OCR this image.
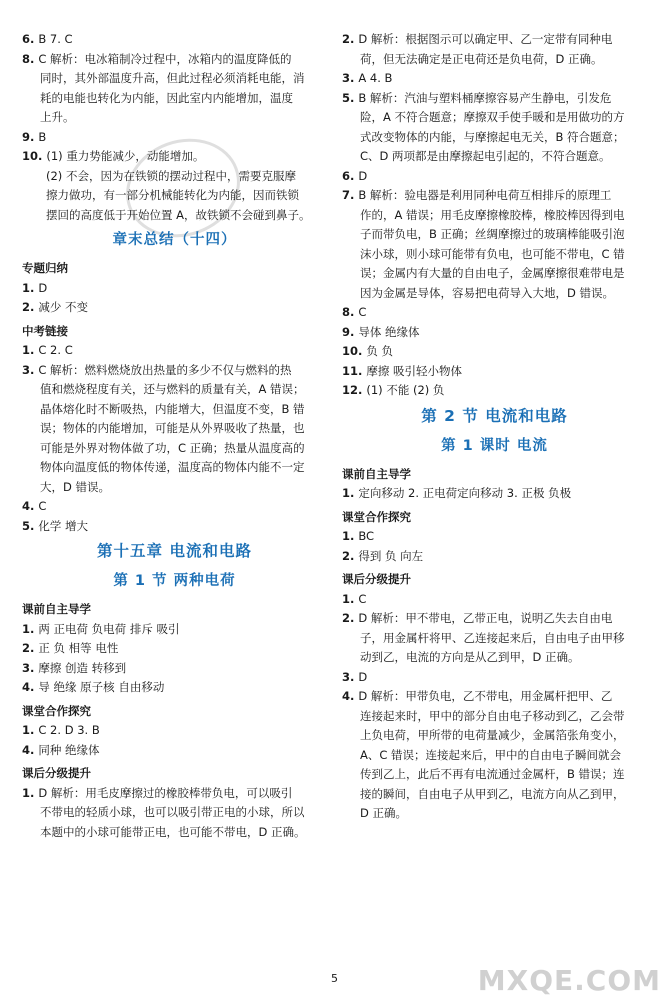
6. B 7. C
8. C 解析：电冰箱制冷过程中，冰箱内的温度降低的
同时，其外部温度升高，但此过程必须消耗电能，消
耗的电能也转化为内能，因此室内内能增加，温度
上升。
9. B
10. (1) 重力势能减少，动能增加。
(2) 不会，因为在铁锁的摆动过程中，需要克服摩
擦力做功，有一部分机械能转化为内能，因而铁锁
摆回的高度低于开始位置 A，故铁锁不会碰到鼻子。
章末总结（十四）
专题归纳
1. D
2. 减少 不变
中考链接
1. C 2. C
3. C 解析：燃料燃烧放出热量的多少不仅与燃料的热
值和燃烧程度有关，还与燃料的质量有关，A 错误；
晶体熔化时不断吸热，内能增大，但温度不变，B 错
误；物体的内能增加，可能是从外界吸收了热量，也
可能是外界对物体做了功，C 正确；热量从温度高的
物体向温度低的物体传递，温度高的物体内能不一定
大，D 错误。
4. C
5. 化学 增大
第十五章 电流和电路
第 1 节 两种电荷
课前自主导学
1. 两 正电荷 负电荷 排斥 吸引
2. 正 负 相等 电性
3. 摩擦 创造 转移到
4. 导 绝缘 原子核 自由移动
课堂合作探究
1. C 2. D 3. B
4. 同种 绝缘体
课后分级提升
1. D 解析：用毛皮摩擦过的橡胶棒带负电，可以吸引
不带电的轻质小球，也可以吸引带正电的小球，所以
本题中的小球可能带正电，也可能不带电，D 正确。
2. D 解析：根据图示可以确定甲、乙一定带有同种电
荷，但无法确定是正电荷还是负电荷，D 正确。
3. A 4. B
5. B 解析：汽油与塑料桶摩擦容易产生静电，引发危
险，A 不符合题意；摩擦双手使手暖和是用做功的方
式改变物体的内能，与摩擦起电无关，B 符合题意；
C、D 两项都是由摩擦起电引起的，不符合题意。
6. D
7. B 解析：验电器是利用同种电荷互相排斥的原理工
作的，A 错误；用毛皮摩擦橡胶棒，橡胶棒因得到电
子而带负电，B 正确；丝绸摩擦过的玻璃棒能吸引泡
沫小球，则小球可能带有负电，也可能不带电，C 错
误；金属内有大量的自由电子，金属摩擦很难带电是
因为金属是导体，容易把电荷导入大地，D 错误。
8. C
9. 导体 绝缘体
10. 负 负
11. 摩擦 吸引轻小物体
12. (1) 不能 (2) 负
第 2 节 电流和电路
第 1 课时 电流
课前自主导学
1. 定向移动 2. 正电荷定向移动 3. 正极 负极
课堂合作探究
1. BC
2. 得到 负 向左
课后分级提升
1. C
2. D 解析：甲不带电，乙带正电，说明乙失去自由电
子，用金属杆将甲、乙连接起来后，自由电子由甲移
动到乙，电流的方向是从乙到甲，D 正确。
3. D
4. D 解析：甲带负电，乙不带电，用金属杆把甲、乙
连接起来时，甲中的部分自由电子移动到乙，乙会带
上负电荷，甲所带的电荷量减少，金属箔张角变小，
A、C 错误；连接起来后，甲中的自由电子瞬间就会
传到乙上，此后不再有电流通过金属杆，B 错误；连
接的瞬间，自由电子从甲到乙，电流方向从乙到甲，
D 正确。
5	MXQE.COM
